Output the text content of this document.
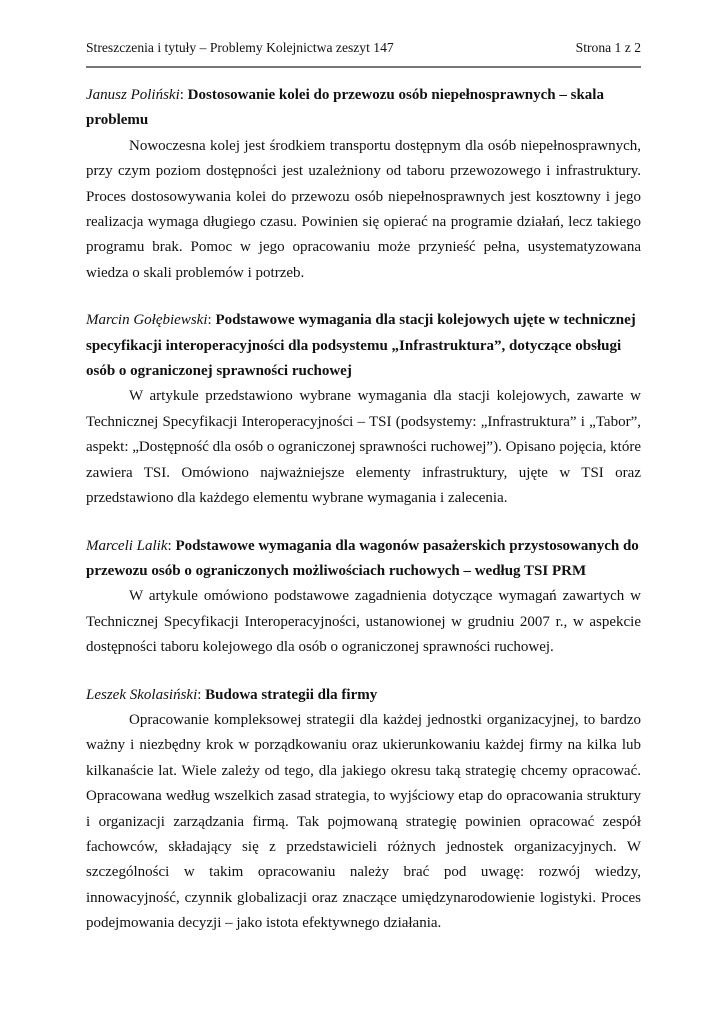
Streszczenia i tytuły – Problemy Kolejnictwa zeszyt 147	Strona 1 z 2

Janusz Poliński: Dostosowanie kolei do przewozu osób niepełnosprawnych – skala problemu

Nowoczesna kolej jest środkiem transportu dostępnym dla osób niepełnosprawnych, przy czym poziom dostępności jest uzależniony od taboru przewozowego i infrastruktury. Proces dostosowywania kolei do przewozu osób niepełnosprawnych jest kosztowny i jego realizacja wymaga długiego czasu. Powinien się opierać na programie działań, lecz takiego programu brak. Pomoc w jego opracowaniu może przynieść pełna, usystematyzowana wiedza o skali problemów i potrzeb.

Marcin Gołębiewski: Podstawowe wymagania dla stacji kolejowych ujęte w technicznej specyfikacji interoperacyjności dla podsystemu „Infrastruktura”, dotyczące obsługi osób o ograniczonej sprawności ruchowej

W artykule przedstawiono wybrane wymagania dla stacji kolejowych, zawarte w Technicznej Specyfikacji Interoperacyjności – TSI (podsystemy: „Infrastruktura” i „Tabor”, aspekt: „Dostępność dla osób o ograniczonej sprawności ruchowej”). Opisano pojęcia, które zawiera TSI. Omówiono najważniejsze elementy infrastruktury, ujęte w TSI oraz przedstawiono dla każdego elementu wybrane wymagania i zalecenia.

Marceli Lalik: Podstawowe wymagania dla wagonów pasażerskich przystosowanych do przewozu osób o ograniczonych możliwościach ruchowych – według TSI PRM

W artykule omówiono podstawowe zagadnienia dotyczące wymagań zawartych w Technicznej Specyfikacji Interoperacyjności, ustanowionej w grudniu 2007 r., w aspekcie dostępności taboru kolejowego dla osób o ograniczonej sprawności ruchowej.

Leszek Skolasiński: Budowa strategii dla firmy

Opracowanie kompleksowej strategii dla każdej jednostki organizacyjnej, to bardzo ważny i niezbędny krok w porządkowaniu oraz ukierunkowaniu każdej firmy na kilka lub kilkanaście lat. Wiele zależy od tego, dla jakiego okresu taką strategię chcemy opracować. Opracowana według wszelkich zasad strategia, to wyjściowy etap do opracowania struktury i organizacji zarządzania firmą. Tak pojmowaną strategię powinien opracować zespół fachowców, składający się z przedstawicieli różnych jednostek organizacyjnych. W szczególności w takim opracowaniu należy brać pod uwagę: rozwój wiedzy, innowacyjność, czynnik globalizacji oraz znaczące umiędzynarodowienie logistyki. Proces podejmowania decyzji – jako istota efektywnego działania.
